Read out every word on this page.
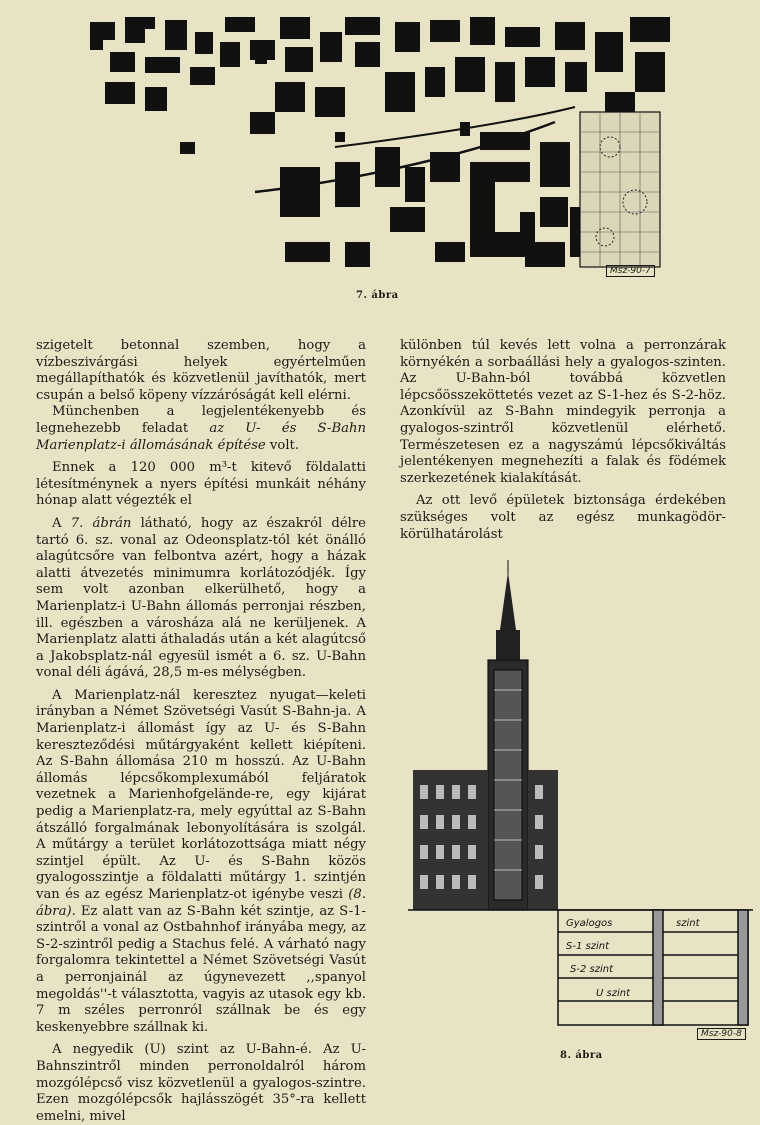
Msz-90-7
7. ábra

szigetelt betonnal szemben, hogy a vízbeszivárgási helyek egyértelműen megállapíthatók és közvetlenül javíthatók, mert csupán a belső köpeny vízzáróságát kell elérni.

Münchenben a legjelentékenyebb és legnehezebb feladat az U- és S-Bahn Marienplatz-i állomásának építése volt.

Ennek a 120 000 m³-t kitevő földalatti létesítménynek a nyers építési munkáit néhány hónap alatt végezték el

A 7. ábrán látható, hogy az északról délre tartó 6. sz. vonal az Odeonsplatz-tól két önálló alagútcsőre van felbontva azért, hogy a házak alatti átvezetés minimumra korlátozódjék. Így sem volt azonban elkerülhető, hogy a Marienplatz-i U-Bahn állomás perronjai részben, ill. egészben a városháza alá ne kerüljenek. A Marienplatz alatti áthaladás után a két alagútcső a Jakobsplatz-nál egyesül ismét a 6. sz. U-Bahn vonal déli ágává, 28,5 m-es mélységben.

A Marienplatz-nál keresztez nyugat—keleti irányban a Német Szövetségi Vasút S-Bahn-ja. A Marienplatz-i állomást így az U- és S-Bahn kereszteződési műtárgyaként kellett kiépíteni. Az S-Bahn állomása 210 m hosszú. Az U-Bahn állomás lépcsőkomplexumából feljáratok vezetnek a Marienhofgelände-re, egy kijárat pedig a Marienplatz-ra, mely egyúttal az S-Bahn átszálló forgalmának lebonyolítására is szolgál. A műtárgy a terület korlátozottsága miatt négy szintjel épült. Az U- és S-Bahn közös gyalogosszintje a földalatti műtárgy 1. szintjén van és az egész Marienplatz-ot igénybe veszi (8. ábra). Ez alatt van az S-Bahn két szintje, az S-1-szintről a vonal az Ostbahnhof irányába megy, az S-2-szintről pedig a Stachus felé. A várható nagy forgalomra tekintettel a Német Szövetségi Vasút a perronjainál az úgynevezett ,,spanyol megoldás''-t választotta, vagyis az utasok egy kb. 7 m széles perronról szállnak be és egy keskenyebbre szállnak ki.

A negyedik (U) szint az U-Bahn-é. Az U-Bahnszintről minden perronoldalról három mozgólépcső visz közvetlenül a gyalogos-szintre. Ezen mozgólépcsők hajlásszögét 35°-ra kellett emelni, mivel

különben túl kevés lett volna a perronzárak környékén a sorbaállási hely a gyalogos-szinten. Az U-Bahn-ból továbbá közvetlen lépcsőösszeköttetés vezet az S-1-hez és S-2-höz. Azonkívül az S-Bahn mindegyik perronja a gyalogos-szintről közvetlenül elérhető. Természetesen ez a nagyszámú lépcsőkiváltás jelentékenyen megnehezíti a falak és födémek szerkezetének kialakítását.

Az ott levő épületek biztonsága érdekében szükséges volt az egész munkagödör-körülhatárolást

Gyalogos	szint
S-1 szint
S-2 szint
U szint
Msz-90-8
8. ábra
